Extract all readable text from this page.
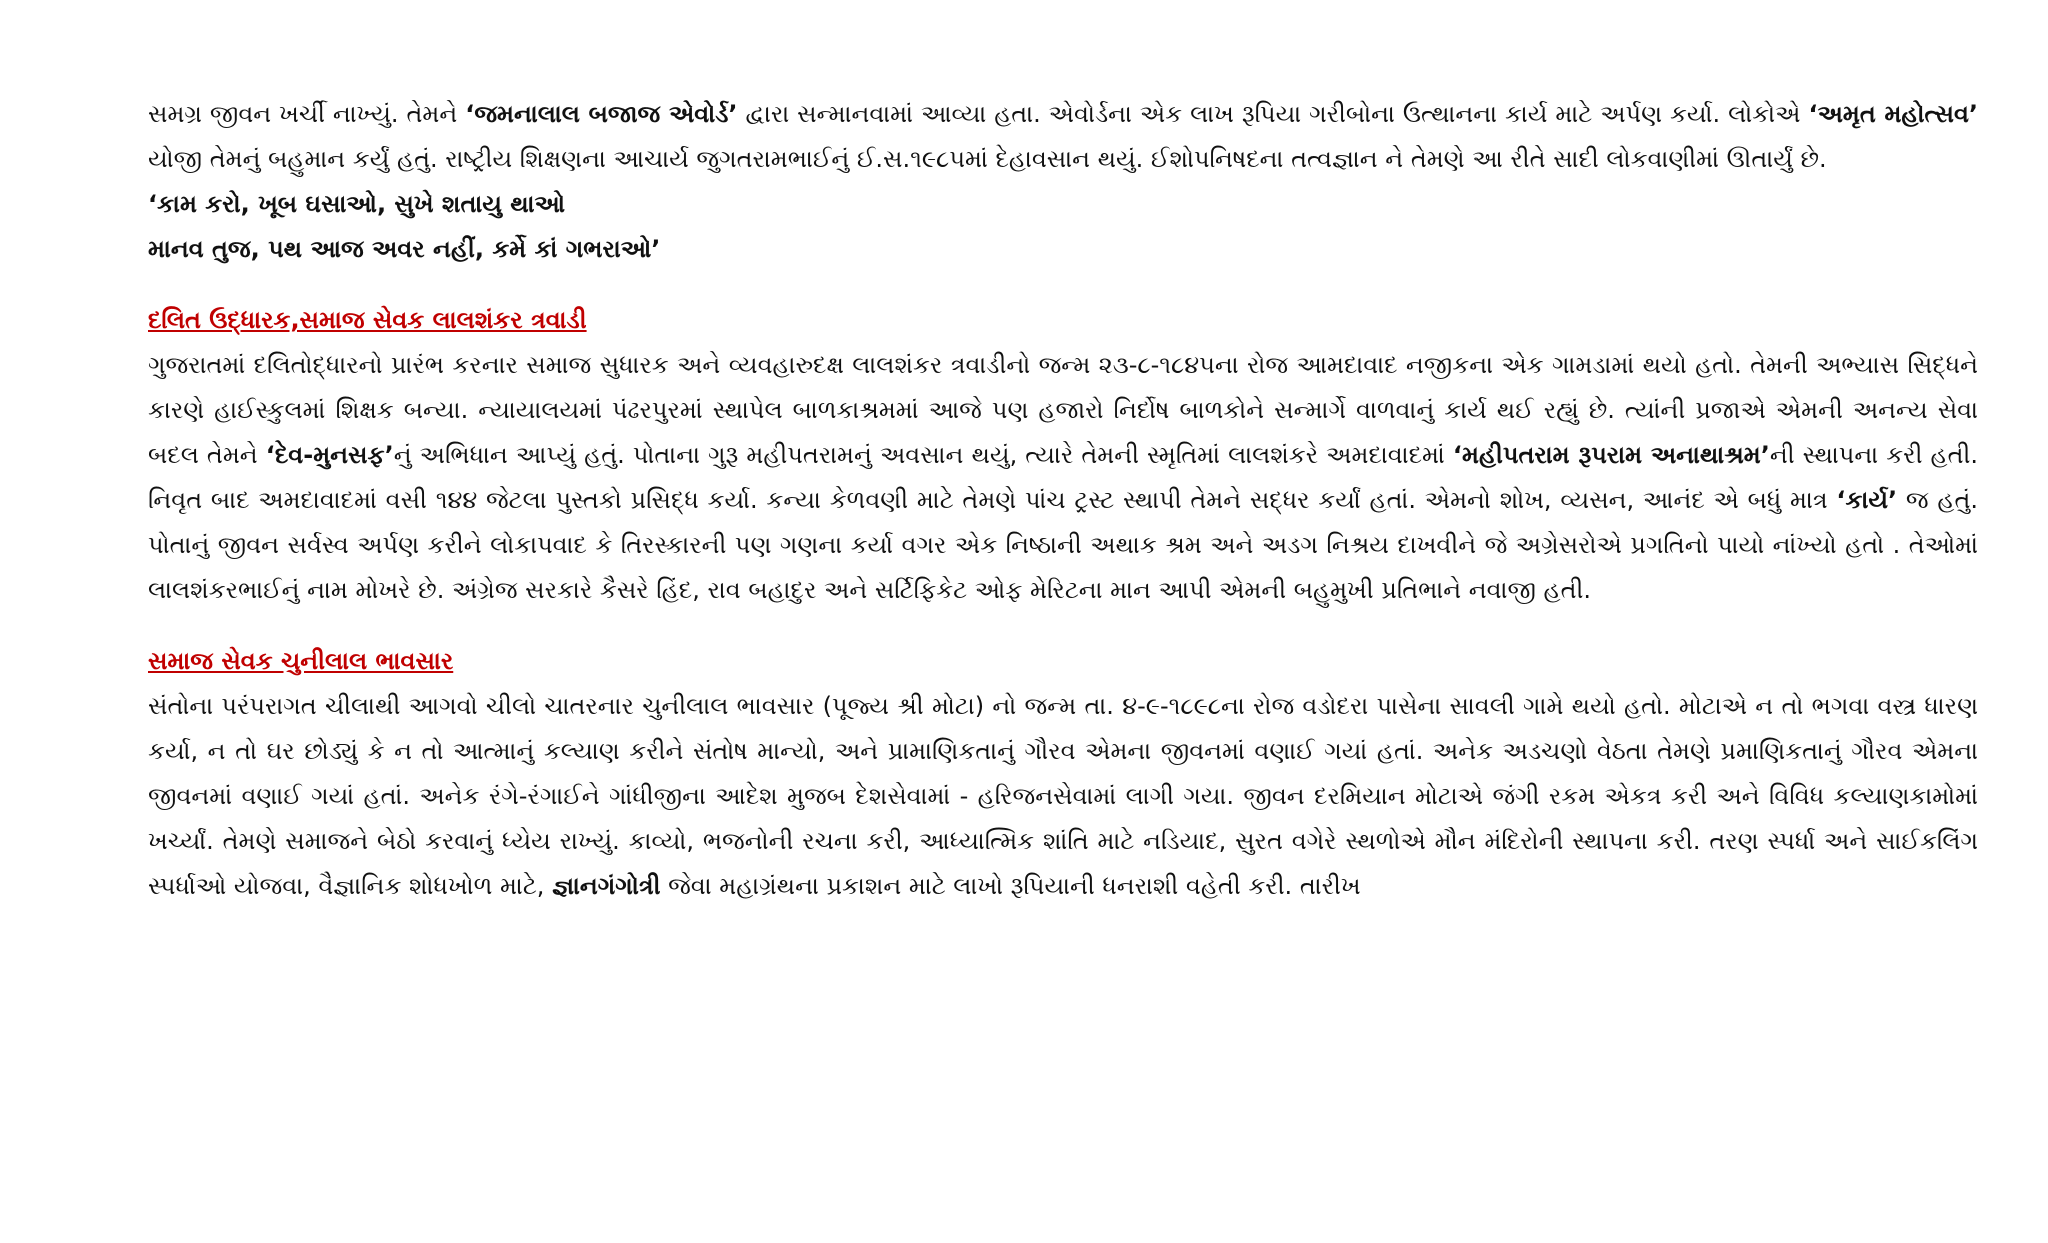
સમગ્ર જીવન ખર્ચી નાખ્યું. તેમને ‘જમનાલાલ બજાજ એવોર્ડ’ દ્વારા સન્માનવામાં આવ્યા હતા. એવોર્ડના એક લાખ રૂપિયા ગરીબોના ઉત્થાનના કાર્ય માટે અર્પણ કર્યા. લોકોએ ‘અમૃત મહોત્સવ’ યોજી તેમનું બહુમાન કર્યું હતું. રાષ્ટ્રીય શિક્ષણના આચાર્ય જુગતરામભાઈનું ઈ.સ.૧૯૮૫માં દેહાવસાન થયું. ઈશોપનિષદના તત્વજ્ઞાન ને તેમણે આ રીતે સાદી લોકવાણીમાં ઊતાર્યું છે.

‘કામ કરો, ખૂબ ઘસાઓ, સુખે શતાયુ થાઓ
માનવ તુજ, પથ આજ અવર નહીં, કર્મે કાં ગભરાઓ’

દલિત ઉદ્ધારક,સમાજ સેવક લાલશંકર ત્રવાડી

ગુજરાતમાં દલિતોદ્ધારનો પ્રારંભ કરનાર સમાજ સુધારક અને વ્યવહારુદક્ષ લાલશંકર ત્રવાડીનો જન્મ ૨૩-૮-૧૮૪૫ના રોજ આમદાવાદ નજીકના એક ગામડામાં થયો હતો. તેમની અભ્યાસ સિદ્ધને કારણે હાઈસ્કુલમાં શિક્ષક બન્યા. ન્યાયાલયમાં પંઢરપુરમાં સ્થાપેલ બાળકાશ્રમમાં આજે પણ હજારો નિર્દોષ બાળકોને સન્માર્ગે વાળવાનું કાર્ય થઈ રહ્યું છે. ત્યાંની પ્રજાએ એમની અનન્ય સેવા બદલ તેમને ‘દેવ-મુનસફ’નું અભિધાન આપ્યું હતું. પોતાના ગુરૂ મહીપતરામનું અવસાન થયું, ત્યારે તેમની સ્મૃતિમાં લાલશંકરે અમદાવાદમાં ‘મહીપતરામ રૂપરામ અનાથાશ્રમ’ની સ્થાપના કરી હતી. નિવૃત બાદ અમદાવાદમાં વસી ૧૪૪ જેટલા પુસ્તકો પ્રસિદ્ધ કર્યા. કન્યા કેળવણી માટે તેમણે પાંચ ટ્રસ્ટ સ્થાપી તેમને સદ્ધર કર્યાં હતાં. એમનો શોખ, વ્યસન, આનંદ એ બધું માત્ર ‘કાર્ય’ જ હતું. પોતાનું જીવન સર્વસ્વ અર્પણ કરીને લોકાપવાદ કે તિરસ્કારની પણ ગણના કર્યા વગર એક નિષ્ઠાની અથાક શ્રમ અને અડગ નિશ્રય દાખવીને જે અગ્રેસરોએ પ્રગતિનો પાયો નાંખ્યો હતો . તેઓમાં લાલશંકરભાઈનું નામ મોખરે છે. અંગ્રેજ સરકારે કૈસરે હિંદ, રાવ બહાદુર અને સર્ટિફિકેટ ઓફ મેરિટના માન આપી એમની બહુમુખી પ્રતિભાને નવાજી હતી.

સમાજ સેવક ચુનીલાલ ભાવસાર

સંતોના પરંપરાગત ચીલાથી આગવો ચીલો ચાતરનાર ચુનીલાલ ભાવસાર (પૂજ્ય શ્રી મોટા) નો જન્મ તા. ૪-૯-૧૮૯૮ના રોજ વડોદરા પાસેના સાવલી ગામે થયો હતો. મોટાએ ન તો ભગવા વસ્ત્ર ધારણ કર્યા, ન તો ઘર છોડ્યું કે ન તો આત્માનું કલ્યાણ કરીને સંતોષ માન્યો, અને પ્રામાણિકતાનું ગૌરવ એમના જીવનમાં વણાઈ ગયાં હતાં. અનેક અડચણો વેઠતા તેમણે પ્રમાણિકતાનું ગૌરવ એમના જીવનમાં વણાઈ ગયાં હતાં. અનેક રંગે-રંગાઈને ગાંધીજીના આદેશ મુજબ દેશસેવામાં - હરિજનસેવામાં લાગી ગયા. જીવન દરમિયાન મોટાએ જંગી રકમ એકત્ર કરી અને વિવિધ કલ્યાણકામોમાં ખર્ચ્યાં. તેમણે સમાજને બેઠો કરવાનું ધ્યેય રાખ્યું. કાવ્યો, ભજનોની રચના કરી, આધ્યાત્મિક શાંતિ માટે નડિયાદ, સુરત વગેરે સ્થળોએ મૌન મંદિરોની સ્થાપના કરી. તરણ સ્પર્ધા અને સાઈકલિંગ સ્પર્ધાઓ યોજવા, વૈજ્ઞાનિક શોધખોળ માટે, જ્ઞાનગંગોત્રી જેવા મહાગ્રંથના પ્રકાશન માટે લાખો રૂપિયાની ધનરાશી વહેતી કરી. તારીખ
